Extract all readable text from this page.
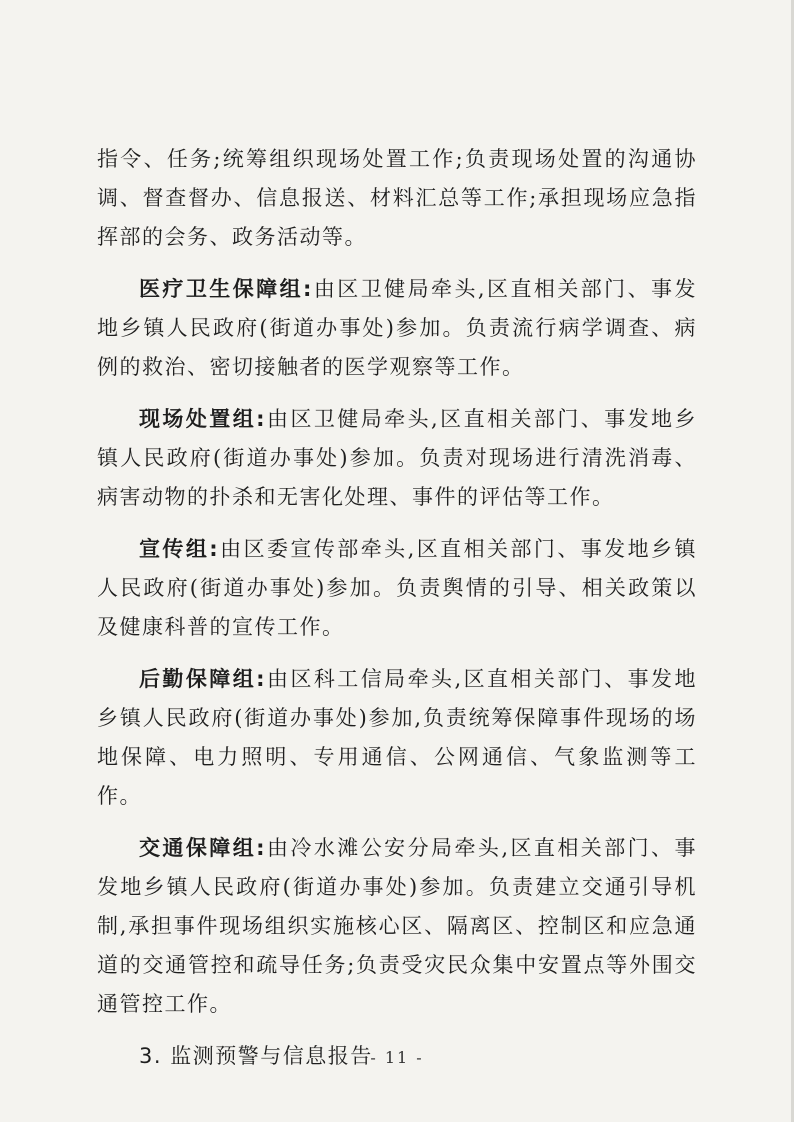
指令、任务;统筹组织现场处置工作;负责现场处置的沟通协调、督查督办、信息报送、材料汇总等工作;承担现场应急指挥部的会务、政务活动等。

医疗卫生保障组:由区卫健局牵头,区直相关部门、事发地乡镇人民政府(街道办事处)参加。负责流行病学调查、病例的救治、密切接触者的医学观察等工作。

现场处置组:由区卫健局牵头,区直相关部门、事发地乡镇人民政府(街道办事处)参加。负责对现场进行清洗消毒、病害动物的扑杀和无害化处理、事件的评估等工作。

宣传组:由区委宣传部牵头,区直相关部门、事发地乡镇人民政府(街道办事处)参加。负责舆情的引导、相关政策以及健康科普的宣传工作。

后勤保障组:由区科工信局牵头,区直相关部门、事发地乡镇人民政府(街道办事处)参加,负责统筹保障事件现场的场地保障、电力照明、专用通信、公网通信、气象监测等工作。

交通保障组:由冷水滩公安分局牵头,区直相关部门、事发地乡镇人民政府(街道办事处)参加。负责建立交通引导机制,承担事件现场组织实施核心区、隔离区、控制区和应急通道的交通管控和疏导任务;负责受灾民众集中安置点等外围交通管控工作。

3. 监测预警与信息报告

- 11 -
